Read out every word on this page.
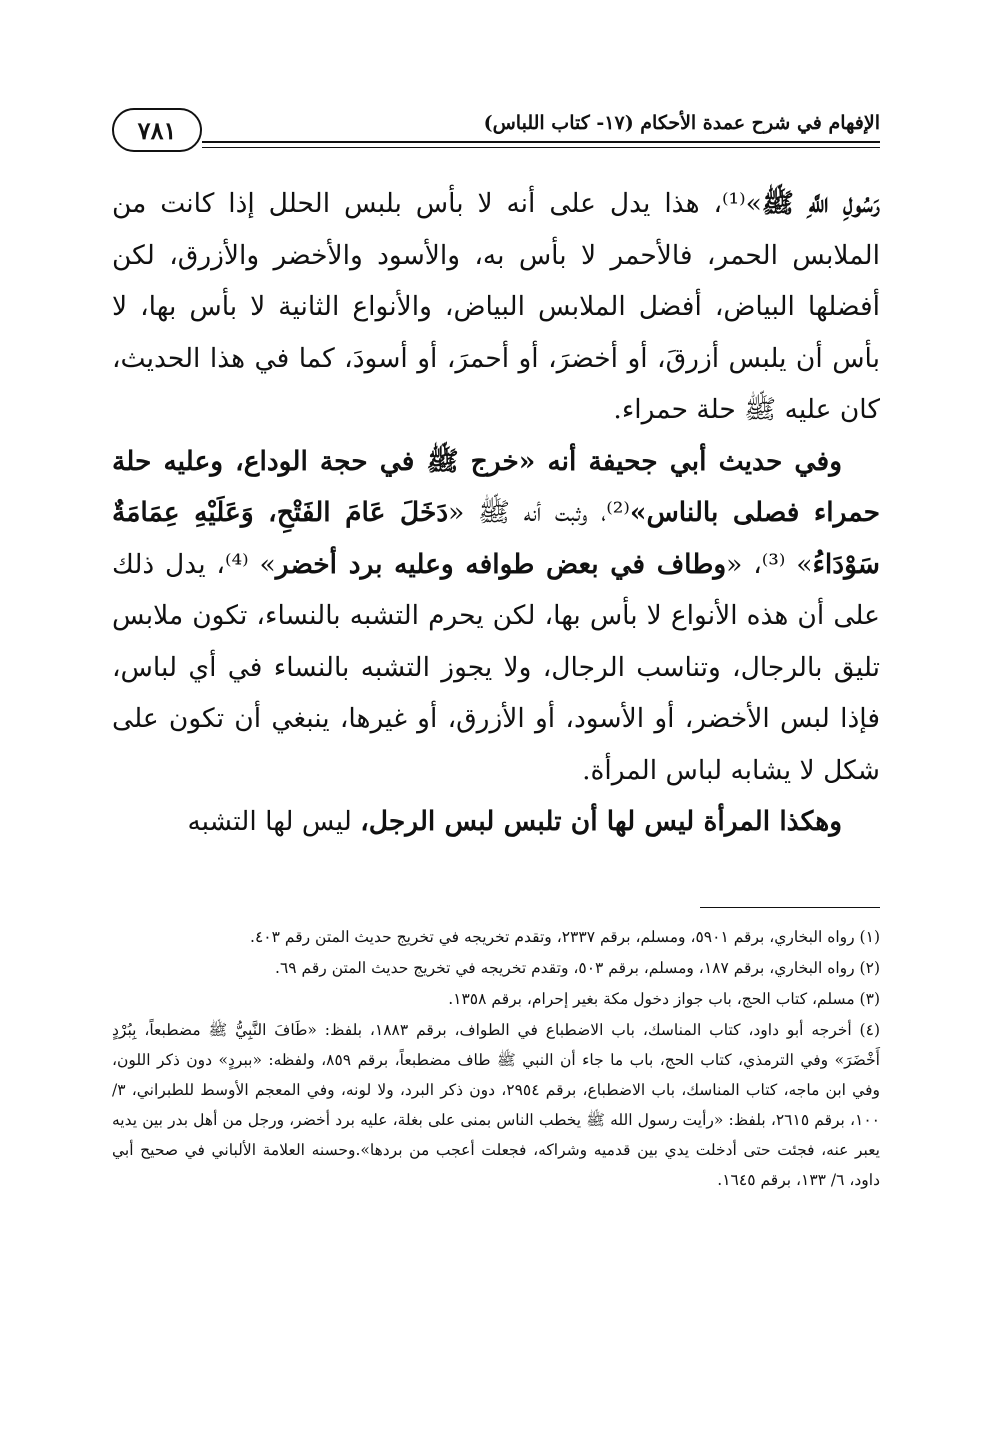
٧٨١	الإفهام في شرح عمدة الأحكام (١٧- كتاب اللباس)

رَسُولِ اللَّهِ ﷺ»⁽¹⁾، هذا يدل على أنه لا بأس بلبس الحلل إذا كانت من الملابس الحمر، فالأحمر لا بأس به، والأسود والأخضر والأزرق، لكن أفضلها البياض، أفضل الملابس البياض، والأنواع الثانية لا بأس بها، لا بأس أن يلبس أزرقَ، أو أخضرَ، أو أحمرَ، أو أسودَ، كما في هذا الحديث، كان عليه ﷺ حلة حمراء.

وفي حديث أبي جحيفة أنه «خرج ﷺ في حجة الوداع، وعليه حلة حمراء فصلى بالناس»⁽²⁾، وثبت أنه ﷺ «دَخَلَ عَامَ الفَتْحِ، وَعَلَيْهِ عِمَامَةٌ سَوْدَاءُ» ⁽³⁾، «وطاف في بعض طوافه وعليه برد أخضر» ⁽⁴⁾، يدل ذلك على أن هذه الأنواع لا بأس بها، لكن يحرم التشبه بالنساء، تكون ملابس تليق بالرجال، وتناسب الرجال، ولا يجوز التشبه بالنساء في أي لباس، فإذا لبس الأخضر، أو الأسود، أو الأزرق، أو غيرها، ينبغي أن تكون على شكل لا يشابه لباس المرأة.

وهكذا المرأة ليس لها أن تلبس لبس الرجل، ليس لها التشبه

(١) رواه البخاري، برقم ٥٩٠١، ومسلم، برقم ٢٣٣٧، وتقدم تخريجه في تخريج حديث المتن رقم ٤٠٣.

(٢) رواه البخاري، برقم ١٨٧، ومسلم، برقم ٥٠٣، وتقدم تخريجه في تخريج حديث المتن رقم ٦٩.

(٣) مسلم، كتاب الحج، باب جواز دخول مكة بغير إحرام، برقم ١٣٥٨.

(٤) أخرجه أبو داود، كتاب المناسك، باب الاضطباع في الطواف، برقم ١٨٨٣، بلفظ: «طَافَ النَّبِيُّ ﷺ مضطبعاً، بِبُرْدٍ أَخْضَرَ» وفي الترمذي، كتاب الحج، باب ما جاء أن النبي ﷺ طاف مضطبعاً، برقم ٨٥٩، ولفظه: «ببردٍ» دون ذكر اللون، وفي ابن ماجه، كتاب المناسك، باب الاضطباع، برقم ٢٩٥٤، دون ذكر البرد، ولا لونه، وفي المعجم الأوسط للطبراني، ٣/ ١٠٠، برقم ٢٦١٥، بلفظ: «رأيت رسول الله ﷺ يخطب الناس بمنى على بغلة، عليه برد أخضر، ورجل من أهل بدر بين يديه يعبر عنه، فجئت حتى أدخلت يدي بين قدميه وشراكه، فجعلت أعجب من بردها».وحسنه العلامة الألباني في صحيح أبي داود، ٦/ ١٣٣، برقم ١٦٤٥.
